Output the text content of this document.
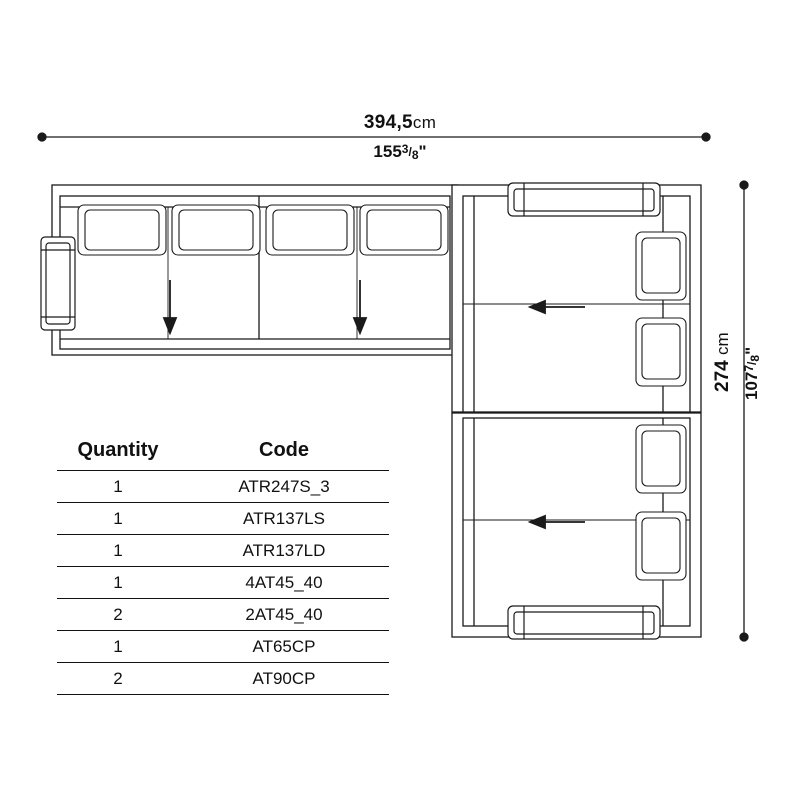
394,5cm
1553/8"
274 cm
1077/8"
Quantity	Code
1	ATR247S_3
1	ATR137LS
1	ATR137LD
1	4AT45_40
2	2AT45_40
1	AT65CP
2	AT90CP
